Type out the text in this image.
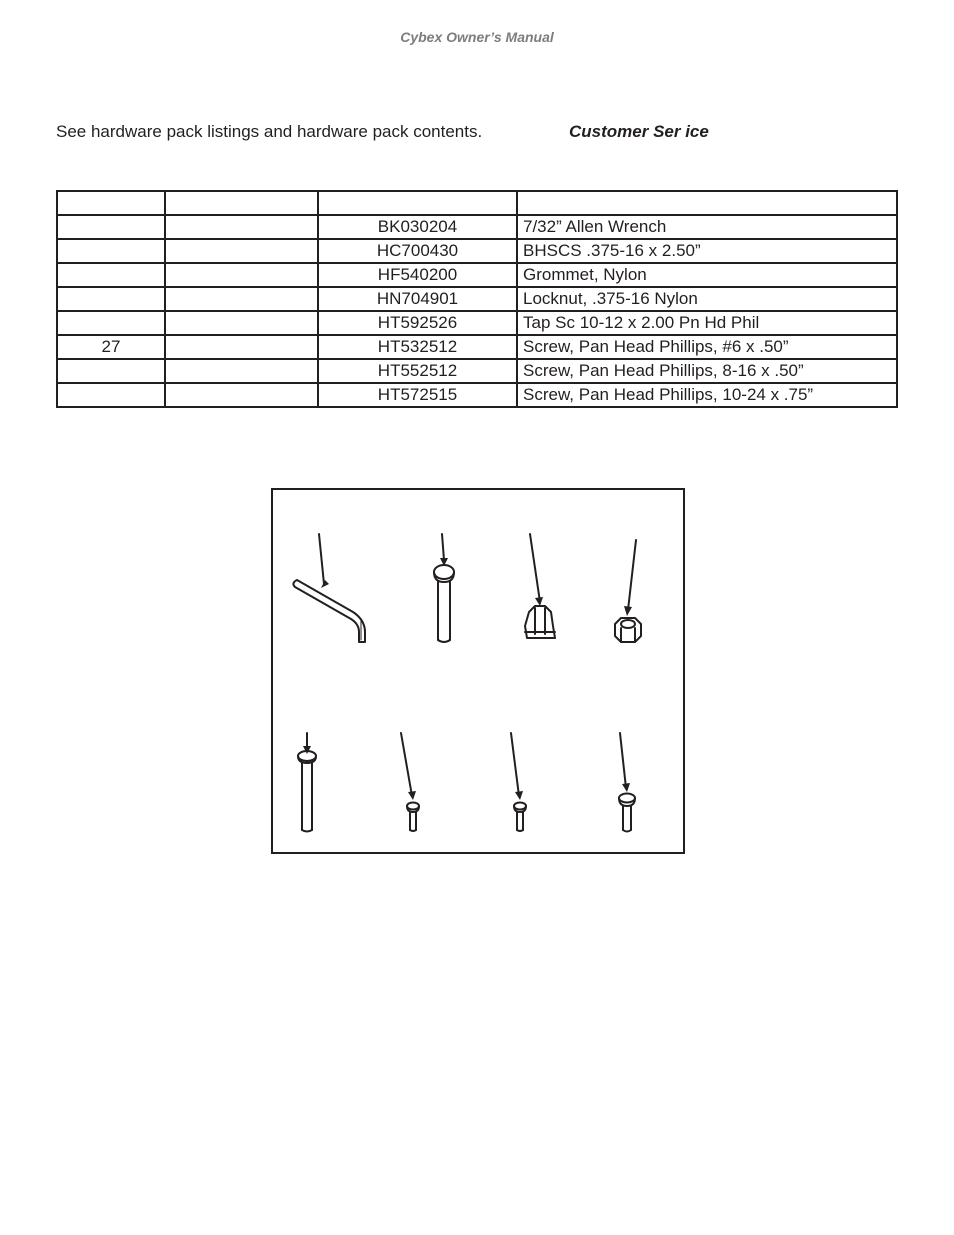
Cybex Owner’s Manual
See hardware pack listings and hardware pack contents.	Customer Ser ice

		BK030204	7/32” Allen Wrench
		HC700430	BHSCS .375-16 x 2.50”
		HF540200	Grommet, Nylon
		HN704901	Locknut, .375-16 Nylon
		HT592526	Tap Sc 10-12 x 2.00 Pn Hd Phil
27		HT532512	Screw, Pan Head Phillips, #6 x .50”
		HT552512	Screw, Pan Head Phillips, 8-16 x .50”
		HT572515	Screw, Pan Head Phillips, 10-24 x .75”
